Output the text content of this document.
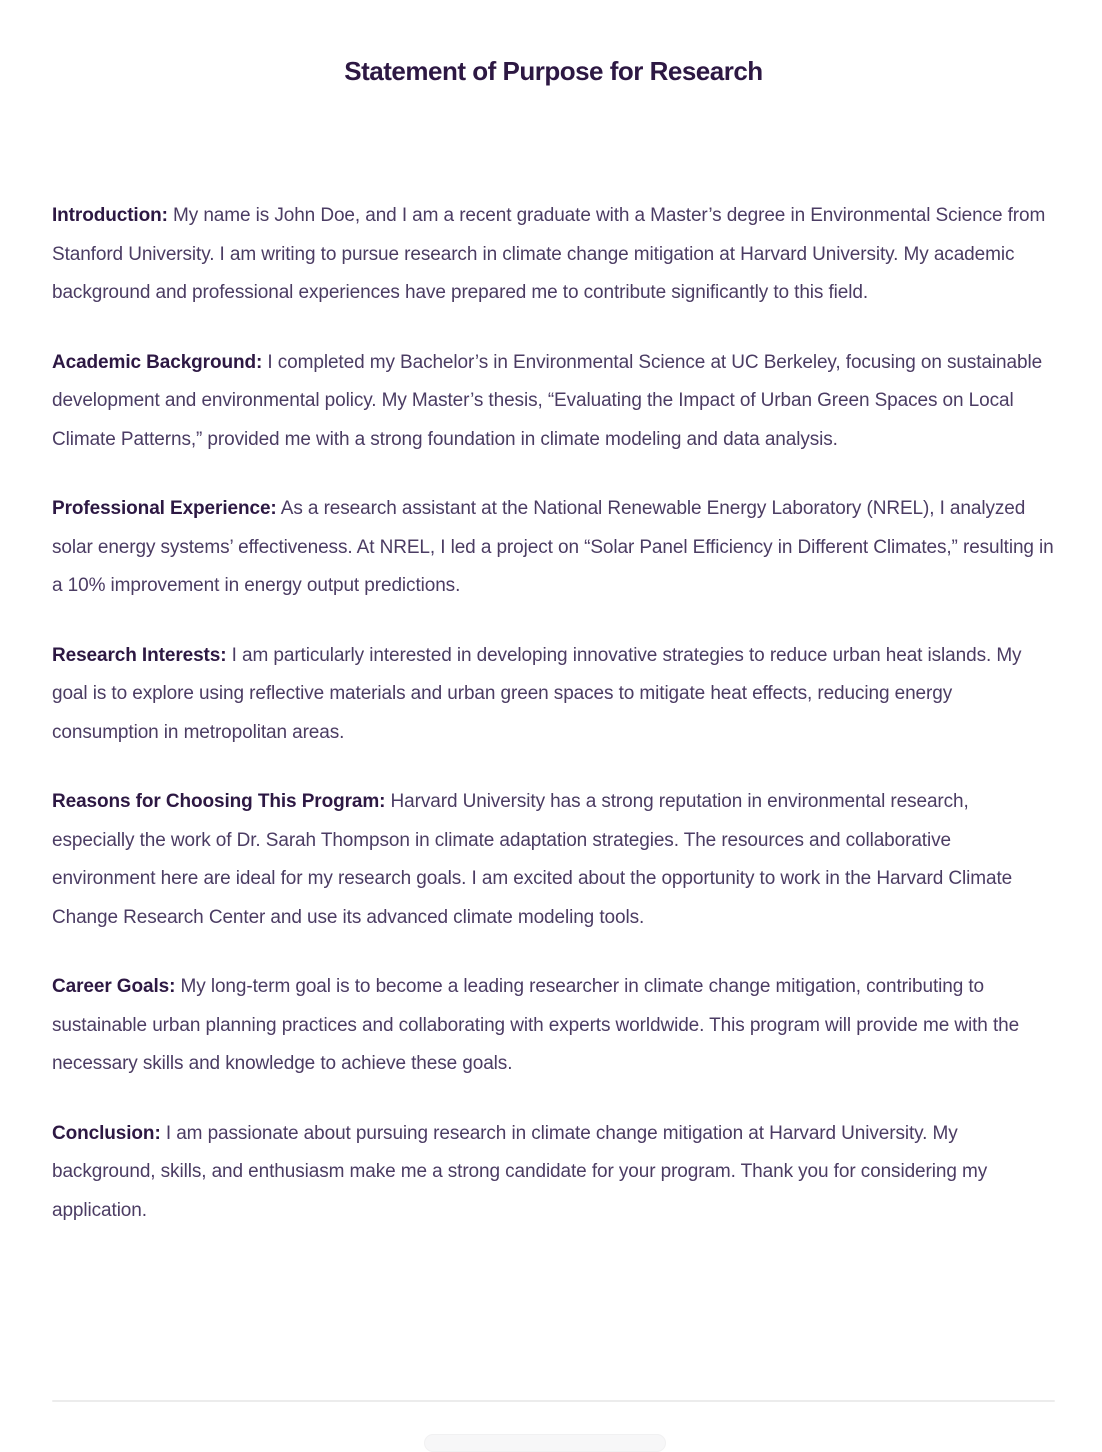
Statement of Purpose for Research

Introduction: My name is John Doe, and I am a recent graduate with a Master’s degree in Environmental Science from Stanford University. I am writing to pursue research in climate change mitigation at Harvard University. My academic background and professional experiences have prepared me to contribute significantly to this field.

Academic Background: I completed my Bachelor’s in Environmental Science at UC Berkeley, focusing on sustainable development and environmental policy. My Master’s thesis, “Evaluating the Impact of Urban Green Spaces on Local Climate Patterns,” provided me with a strong foundation in climate modeling and data analysis.

Professional Experience: As a research assistant at the National Renewable Energy Laboratory (NREL), I analyzed solar energy systems’ effectiveness. At NREL, I led a project on “Solar Panel Efficiency in Different Climates,” resulting in a 10% improvement in energy output predictions.

Research Interests: I am particularly interested in developing innovative strategies to reduce urban heat islands. My goal is to explore using reflective materials and urban green spaces to mitigate heat effects, reducing energy consumption in metropolitan areas.

Reasons for Choosing This Program: Harvard University has a strong reputation in environmental research, especially the work of Dr. Sarah Thompson in climate adaptation strategies. The resources and collaborative environment here are ideal for my research goals. I am excited about the opportunity to work in the Harvard Climate Change Research Center and use its advanced climate modeling tools.

Career Goals: My long-term goal is to become a leading researcher in climate change mitigation, contributing to sustainable urban planning practices and collaborating with experts worldwide. This program will provide me with the necessary skills and knowledge to achieve these goals.

Conclusion: I am passionate about pursuing research in climate change mitigation at Harvard University. My background, skills, and enthusiasm make me a strong candidate for your program. Thank you for considering my application.
